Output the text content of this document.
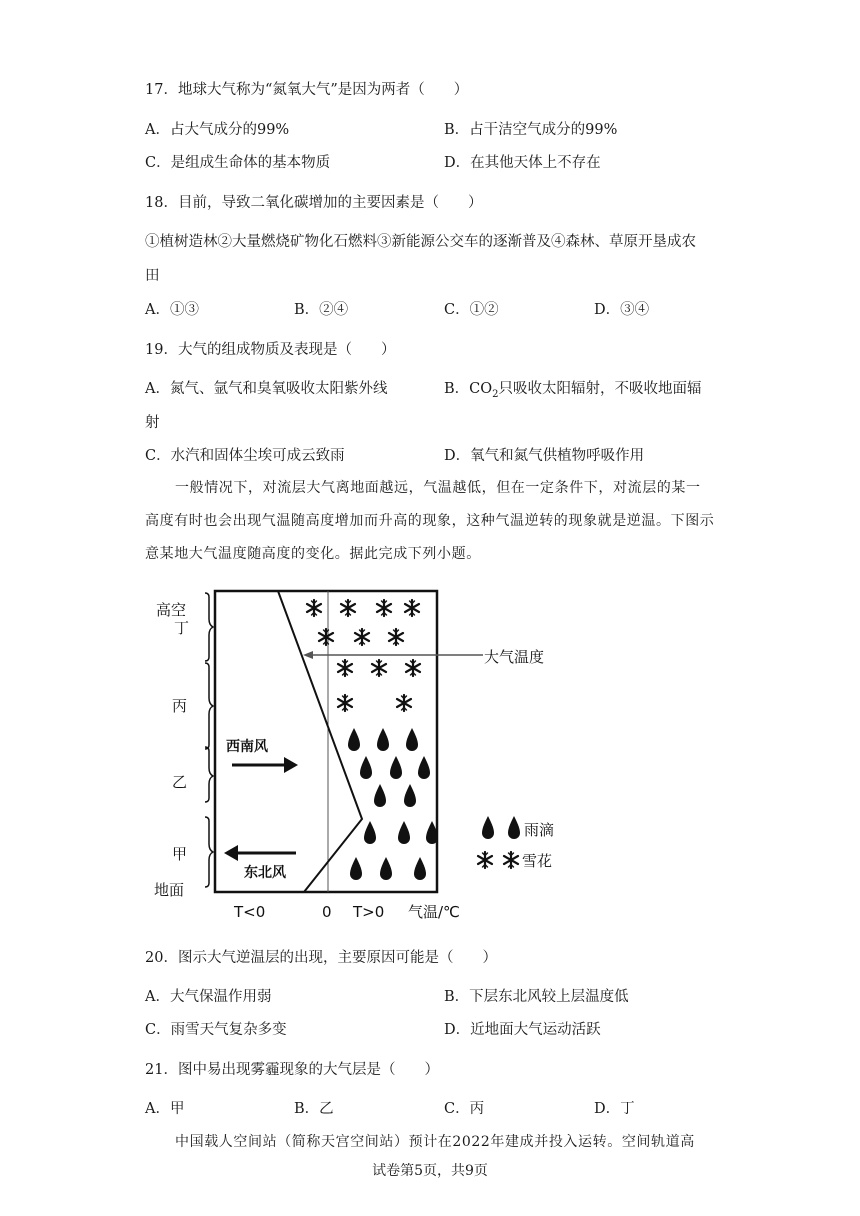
17．地球大气称为“氮氧大气”是因为两者（　　）
A．占大气成分的99%	B．占干洁空气成分的99%
C．是组成生命体的基本物质	D．在其他天体上不存在
18．目前，导致二氧化碳增加的主要因素是（　　）
①植树造林②大量燃烧矿物化石燃料③新能源公交车的逐渐普及④森林、草原开垦成农
田
A．①③	B．②④	C．①②	D．③④
19．大气的组成物质及表现是（　　）
A．氮气、氩气和臭氧吸收太阳紫外线	B．$CO_2$只吸收太阳辐射，不吸收地面辐
射
C．水汽和固体尘埃可成云致雨	D．氧气和氮气供植物呼吸作用
一般情况下，对流层大气离地面越远，气温越低，但在一定条件下，对流层的某一高度有时也会出现气温随高度增加而升高的现象，这种气温逆转的现象就是逆温。下图示意某地大气温度随高度的变化。据此完成下列小题。
大气温度
高空
丁
丙
乙
甲
地面
西南风
东北风
雨滴
雪花
T<0	0 T>0 气温/℃
20．图示大气逆温层的出现，主要原因可能是（　　）
A．大气保温作用弱	B．下层东北风较上层温度低
C．雨雪天气复杂多变	D．近地面大气运动活跃
21．图中易出现雾霾现象的大气层是（　　）
A．甲	B．乙	C．丙	D．丁
中国载人空间站（简称天宫空间站）预计在2022年建成并投入运转。空间轨道高
试卷第5页，共9页
